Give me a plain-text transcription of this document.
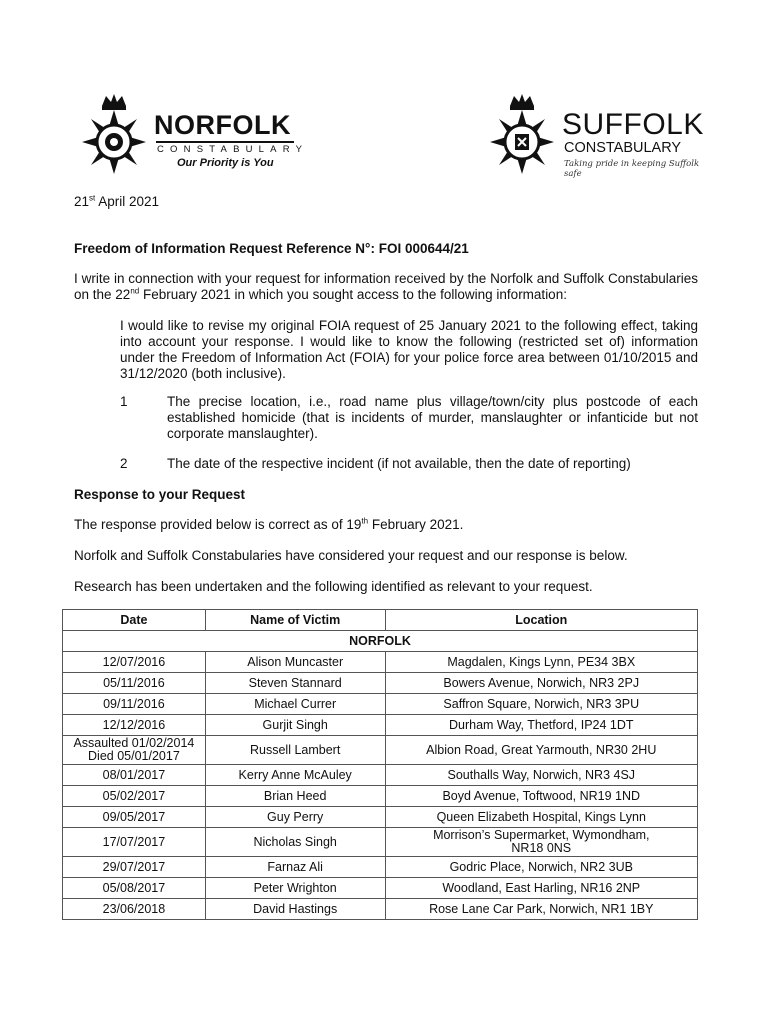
NORFOLK
CONSTABULARY
Our Priority is You
SUFFOLK
CONSTABULARY
Taking pride in keeping Suffolk safe
21st April 2021
Freedom of Information Request Reference N°: FOI 000644/21
I write in connection with your request for information received by the Norfolk and Suffolk Constabularies on the 22nd February 2021 in which you sought access to the following information:
I would like to revise my original FOIA request of 25 January 2021 to the following effect, taking into account your response. I would like to know the following (restricted set of) information under the Freedom of Information Act (FOIA) for your police force area between 01/10/2015 and 31/12/2020 (both inclusive).
1	The precise location, i.e., road name plus village/town/city plus postcode of each established homicide (that is incidents of murder, manslaughter or infanticide but not corporate manslaughter).
2	The date of the respective incident (if not available, then the date of reporting)
Response to your Request
The response provided below is correct as of 19th February 2021.
Norfolk and Suffolk Constabularies have considered your request and our response is below.
Research has been undertaken and the following identified as relevant to your request.
Date	Name of Victim	Location
NORFOLK		
12/07/2016	Alison Muncaster	Magdalen, Kings Lynn, PE34 3BX
05/11/2016	Steven Stannard	Bowers Avenue, Norwich, NR3 2PJ
09/11/2016	Michael Currer	Saffron Square, Norwich, NR3 3PU
12/12/2016	Gurjit Singh	Durham Way, Thetford, IP24 1DT
Assaulted 01/02/2014
Died 05/01/2017	Russell Lambert	Albion Road, Great Yarmouth, NR30 2HU
08/01/2017	Kerry Anne McAuley	Southalls Way, Norwich, NR3 4SJ
05/02/2017	Brian Heed	Boyd Avenue, Toftwood, NR19 1ND
09/05/2017	Guy Perry	Queen Elizabeth Hospital, Kings Lynn
17/07/2017	Nicholas Singh	Morrison’s Supermarket, Wymondham,
NR18 0NS
29/07/2017	Farnaz Ali	Godric Place, Norwich, NR2 3UB
05/08/2017	Peter Wrighton	Woodland, East Harling, NR16 2NP
23/06/2018	David Hastings	Rose Lane Car Park, Norwich, NR1 1BY
